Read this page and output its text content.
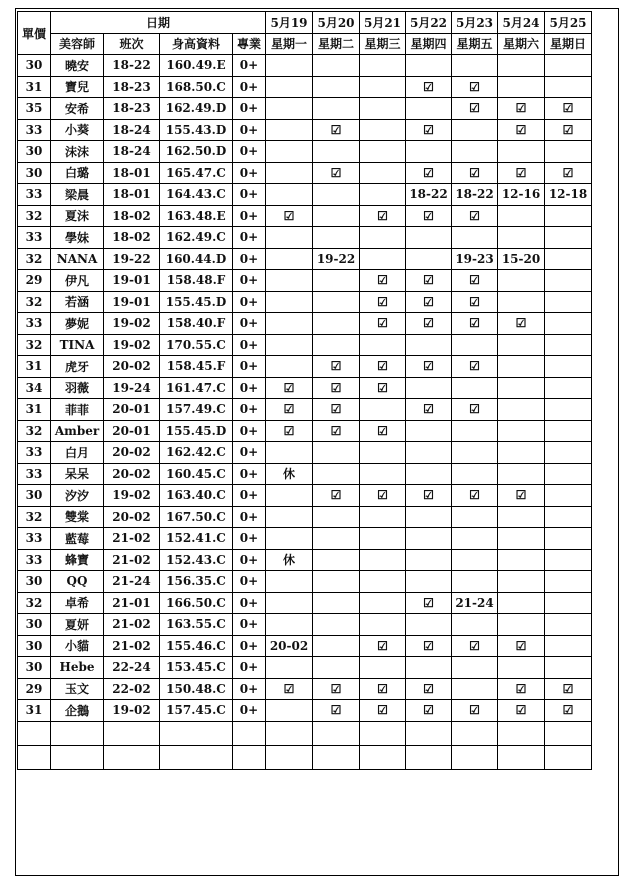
單價	日期				5月19	5月20	5月21	5月22	5月23	5月24	5月25
	美容師	班次	身高資料	專業	星期一	星期二	星期三	星期四	星期五	星期六	星期日
30	曉安	18-22	160.49.E	0+							
31	寶兒	18-23	168.50.C	0+				☑	☑		
35	安希	18-23	162.49.D	0+					☑	☑	☑
33	小葵	18-24	155.43.D	0+		☑		☑		☑	☑
30	沫沫	18-24	162.50.D	0+							
30	白璐	18-01	165.47.C	0+		☑		☑	☑	☑	☑
33	梁晨	18-01	164.43.C	0+				18-22	18-22	12-16	12-18
32	夏沫	18-02	163.48.E	0+	☑		☑	☑	☑		
33	學妹	18-02	162.49.C	0+							
32	NANA	19-22	160.44.D	0+		19-22			19-23	15-20	
29	伊凡	19-01	158.48.F	0+			☑	☑	☑		
32	若涵	19-01	155.45.D	0+			☑	☑	☑		
33	夢妮	19-02	158.40.F	0+			☑	☑	☑	☑	
32	TINA	19-02	170.55.C	0+							
31	虎牙	20-02	158.45.F	0+		☑	☑	☑	☑		
34	羽薇	19-24	161.47.C	0+	☑	☑	☑				
31	菲菲	20-01	157.49.C	0+	☑	☑		☑	☑		
32	Amber	20-01	155.45.D	0+	☑	☑	☑				
33	白月	20-02	162.42.C	0+							
33	呆呆	20-02	160.45.C	0+	休						
30	汐汐	19-02	163.40.C	0+		☑	☑	☑	☑	☑	
32	雙棠	20-02	167.50.C	0+							
33	藍莓	21-02	152.41.C	0+							
33	蜂寶	21-02	152.43.C	0+	休						
30	QQ	21-24	156.35.C	0+							
32	卓希	21-01	166.50.C	0+				☑	21-24		
30	夏妍	21-02	163.55.C	0+							
30	小貓	21-02	155.46.C	0+	20-02		☑	☑	☑	☑	
30	Hebe	22-24	153.45.C	0+							
29	玉文	22-02	150.48.C	0+	☑	☑	☑	☑		☑	☑
31	企鵝	19-02	157.45.C	0+		☑	☑	☑	☑	☑	☑
